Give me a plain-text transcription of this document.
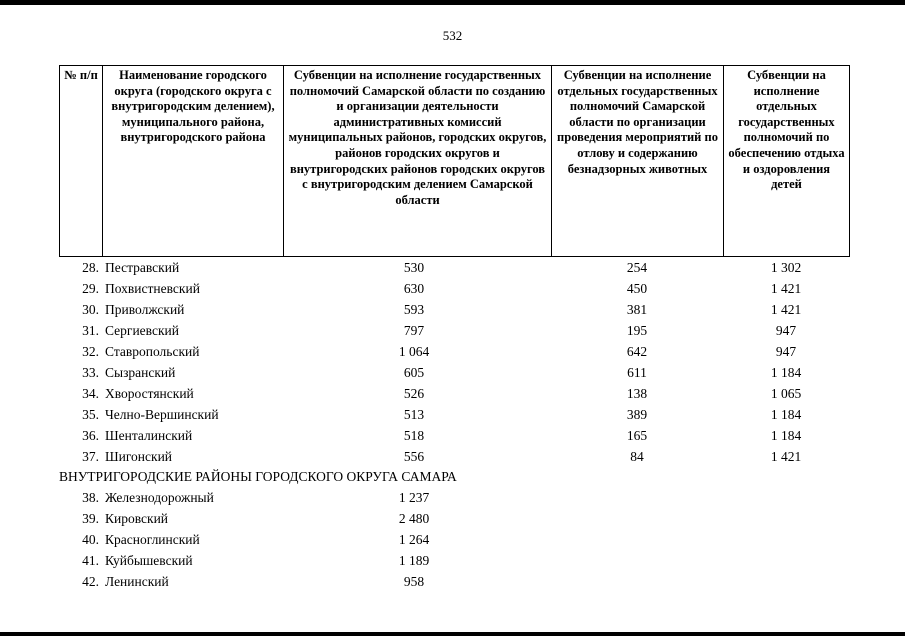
532
№ п/п	Наименование городского округа (городского округа с внутригородским делением), муниципального района, внутригородского района	Субвенции на исполнение государственных полномочий Самарской области по созданию и организации деятельности административных комиссий муниципальных районов, городских округов, районов городских округов и внутригородских районов городских округов с внутригородским делением Самарской области	Субвенции на исполнение отдельных государственных полномочий Самарской области по организации проведения мероприятий по отлову и содержанию безнадзорных животных	Субвенции на исполнение отдельных государственных полномочий по обеспечению отдыха и оздоровления детей
28. Пестравский	530	254	1 302
29. Похвистневский	630	450	1 421
30. Приволжский	593	381	1 421
31. Сергиевский	797	195	947
32. Ставропольский	1 064	642	947
33. Сызранский	605	611	1 184
34. Хворостянский	526	138	1 065
35. Челно-Вершинский	513	389	1 184
36. Шенталинский	518	165	1 184
37. Шигонский	556	84	1 421
ВНУТРИГОРОДСКИЕ РАЙОНЫ ГОРОДСКОГО ОКРУГА САМАРА
38. Железнодорожный	1 237
39. Кировский	2 480
40. Красноглинский	1 264
41. Куйбышевский	1 189
42. Ленинский	958
